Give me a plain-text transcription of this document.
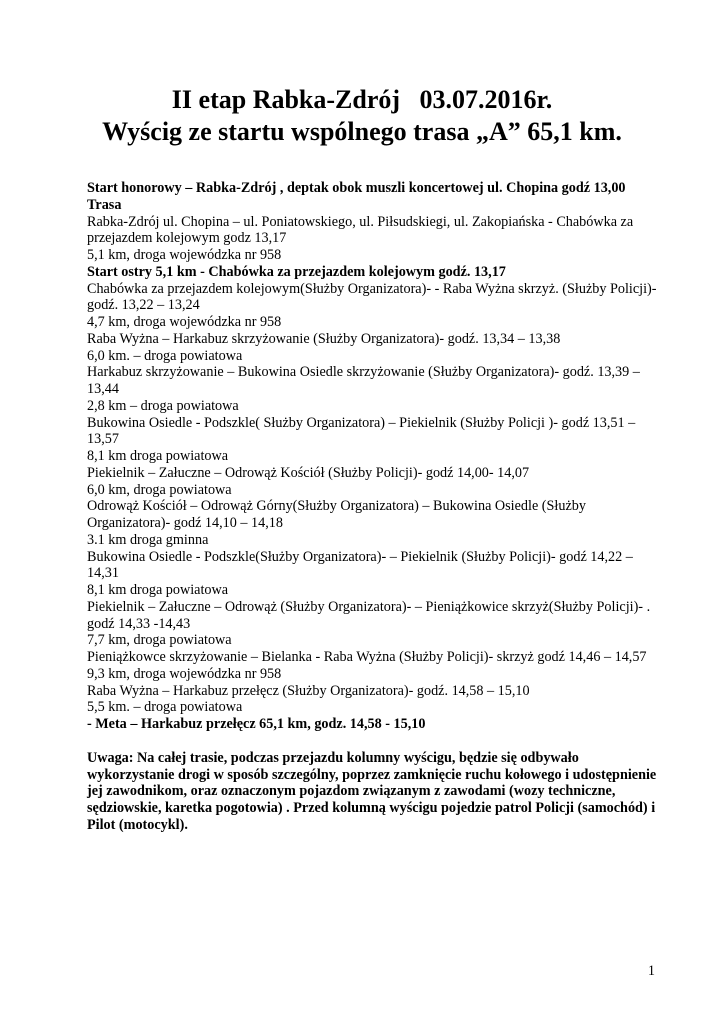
II etap Rabka-Zdrój   03.07.2016r.
Wyścig ze startu wspólnego trasa „A” 65,1 km.

Start honorowy – Rabka-Zdrój , deptak obok muszli koncertowej ul. Chopina godź 13,00

Trasa

Rabka-Zdrój ul. Chopina – ul. Poniatowskiego, ul. Piłsudskiegi, ul. Zakopiańska - Chabówka za przejazdem kolejowym godz 13,17

5,1 km, droga wojewódzka nr 958

Start ostry 5,1 km - Chabówka za przejazdem kolejowym godź. 13,17

Chabówka za przejazdem kolejowym(Służby Organizatora)- - Raba Wyżna skrzyż. (Służby Policji)- godź. 13,22 – 13,24

4,7 km, droga wojewódzka nr 958

Raba Wyżna – Harkabuz skrzyżowanie (Służby Organizatora)- godź. 13,34 – 13,38

6,0 km. – droga powiatowa

Harkabuz skrzyżowanie – Bukowina Osiedle skrzyżowanie (Służby Organizatora)- godź. 13,39 – 13,44

2,8 km – droga powiatowa

Bukowina Osiedle - Podszkle( Służby Organizatora) – Piekielnik (Służby Policji )- godź 13,51 – 13,57

8,1 km droga powiatowa

Piekielnik – Załuczne – Odrowąż Kościół (Służby Policji)- godź 14,00- 14,07

6,0 km, droga powiatowa

Odrowąż Kościół – Odrowąż Górny(Służby Organizatora) – Bukowina Osiedle (Służby Organizatora)- godź 14,10 – 14,18

3.1 km droga gminna

Bukowina Osiedle - Podszkle(Służby Organizatora)- – Piekielnik (Służby Policji)- godź 14,22 – 14,31

8,1 km droga powiatowa

Piekielnik – Załuczne – Odrowąż (Służby Organizatora)- – Pieniążkowice skrzyż(Służby Policji)- . godź 14,33 -14,43

7,7 km, droga powiatowa

Pieniążkowce skrzyżowanie – Bielanka - Raba Wyżna (Służby Policji)- skrzyż godź 14,46 – 14,57

9,3 km, droga wojewódzka nr 958

Raba Wyżna – Harkabuz przełęcz (Służby Organizatora)- godź. 14,58 – 15,10

5,5 km. – droga powiatowa

- Meta – Harkabuz przełęcz 65,1 km, godz. 14,58 - 15,10

Uwaga: Na całej trasie, podczas przejazdu kolumny wyścigu, będzie się odbywało wykorzystanie drogi w sposób szczególny, poprzez zamknięcie ruchu kołowego i udostępnienie jej zawodnikom, oraz oznaczonym pojazdom związanym z zawodami (wozy techniczne, sędziowskie, karetka pogotowia) . Przed kolumną wyścigu pojedzie patrol Policji (samochód) i Pilot (motocykl).

1
